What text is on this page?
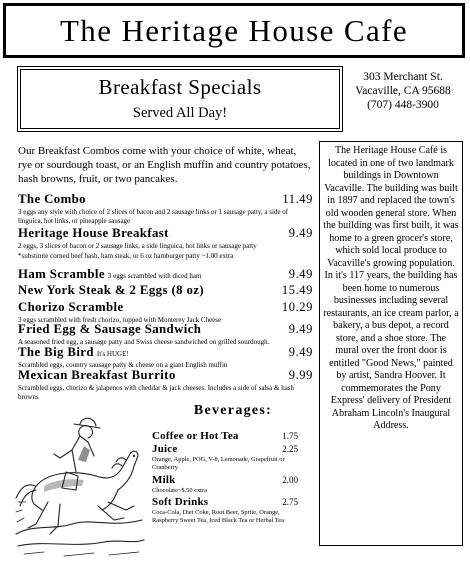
The Heritage House Cafe
Breakfast Specials
Served All Day!
303 Merchant St.
Vacaville, CA 95688
(707) 448-3900
Our Breakfast Combos come with your choice of white, wheat, rye or sourdough toast, or an English muffin and country potatoes, hash browns, fruit, or two pancakes.
The Combo	11.49
3 eggs any style with choice of 2 slices of bacon and 2 sausage links or 1 sausage patty, a side of linguica, hot links, or pineapple sausage
Heritage House Breakfast	9.49
2 eggs, 3 slices of bacon or 2 sausage links, a side linguica, hot links or sausage patty
*substitute corned beef hash, ham steak, or 6 oz hamburger patty ~1.00 extra
Ham Scramble 3 eggs scrambled with diced ham	9.49
New York Steak & 2 Eggs (8 oz)	15.49
Chorizo Scramble	10.29
3 eggs scrambled with fresh chorizo, topped with Monterey Jack Cheese
Fried Egg & Sausage Sandwich	9.49
A seasoned fried egg, a sausage patty and Swiss cheese sandwiched on grilled sourdough.
The Big Bird It's HUGE!	9.49
Scrambled eggs, country sausage patty & cheese on a giant English muffin
Mexican Breakfast Burrito	9.99
Scrambled eggs, chorizo & jalapenos with cheddar & jack cheeses. Includes a side of salsa & hash browns
Beverages:
Coffee or Hot Tea	1.75
Juice	2.25
Orange, Apple, POG, V-8, Lemonade, Grapefruit or Cranberry
Milk	2.00
Chocolate~$.50 extra
Soft Drinks	2.75
Coca-Cola, Diet Coke, Root Beer, Sprite, Orange, Raspberry Sweet Tea, Iced Black Tea or Herbal Tea

The Heritage House Café is located in one of two landmark buildings in Downtown Vacaville. The building was built in 1897 and replaced the town's old wooden general store. When the building was first built, it was home to a green grocer's store, which sold local produce to Vacaville's growing population. In it's 117 years, the building has been home to numerous businesses including several restaurants, an ice cream parlor, a bakery, a bus depot, a record store, and a shoe store. The mural over the front door is entitled "Good News," painted by artist, Sandra Hoover. It commemorates the Pony Express' delivery of President Abraham Lincoln's Inaugural Address.
